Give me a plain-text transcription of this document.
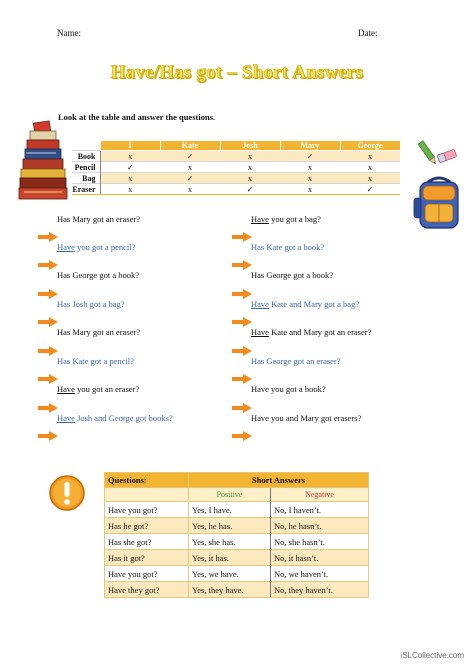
Name:	Date:
Have/Has got – Short Answers
Look at the table and answer the questions.
	I	Kate	Josh	Mary	George
Book	x	✓	x	✓	x
Pencil	✓	x	x	x	x
Bag	x	✓	x	x	x
Eraser	x	x	✓	x	✓
Has Mary got an eraser?
Have you got a pencil?
Has George got a book?
Has Josh got a bag?
Has Mary got an eraser?
Has Kate got a pencil?
Have you got an eraser?
Have Josh and George got books?
Have you got a bag?
Has Kate got a book?
Has George got a book?
Have Kate and Mary got a bag?
Have Kate and Mary got an eraser?
Has George got an eraser?
Have you got a book?
Have you and Mary got erasers?
Questions:	Short Answers	
	Positive	Negative
Have you got?	Yes, I have.	No, I haven’t.
Has he got?	Yes, he has.	No, he hasn’t.
Has she got?	Yes, she has.	No, she hasn’t.
Has it got?	Yes, it has.	No, it hasn’t.
Have you got?	Yes, we have.	No, we haven’t.
Have they got?	Yes, they have.	No, they haven’t.
iSLCollective.com
